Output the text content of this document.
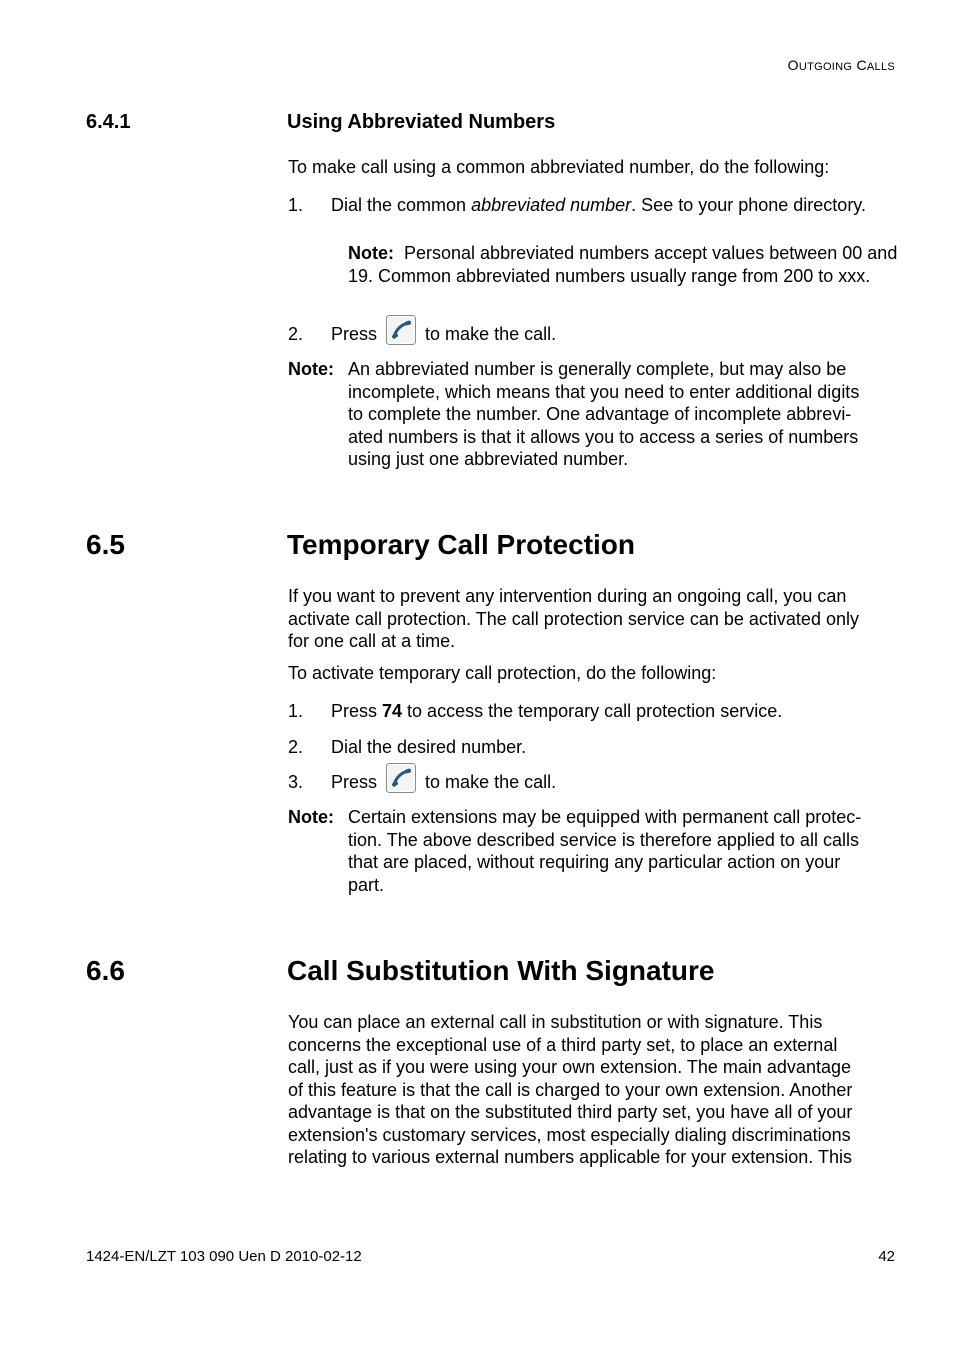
OUTGOING CALLS
6.4.1	Using Abbreviated Numbers
To make call using a common abbreviated number, do the following:
1. Dial the common abbreviated number. See to your phone directory.
Note:  Personal abbreviated numbers accept values between 00 and 19. Common abbreviated numbers usually range from 200 to xxx.
2. Press	to make the call.
Note: An abbreviated number is generally complete, but may also be
incomplete, which means that you need to enter additional digits
to complete the number. One advantage of incomplete abbrevi-
ated numbers is that it allows you to access a series of numbers
using just one abbreviated number.
6.5	Temporary Call Protection
If you want to prevent any intervention during an ongoing call, you can
activate call protection. The call protection service can be activated only
for one call at a time.
To activate temporary call protection, do the following:
1. Press 74 to access the temporary call protection service.
2. Dial the desired number.
3. Press	to make the call.
Note: Certain extensions may be equipped with permanent call protec-
tion. The above described service is therefore applied to all calls
that are placed, without requiring any particular action on your
part.
6.6	Call Substitution With Signature
You can place an external call in substitution or with signature. This
concerns the exceptional use of a third party set, to place an external
call, just as if you were using your own extension. The main advantage
of this feature is that the call is charged to your own extension. Another
advantage is that on the substituted third party set, you have all of your
extension's customary services, most especially dialing discriminations
relating to various external numbers applicable for your extension. This
1424-EN/LZT 103 090 Uen D 2010-02-12	42
